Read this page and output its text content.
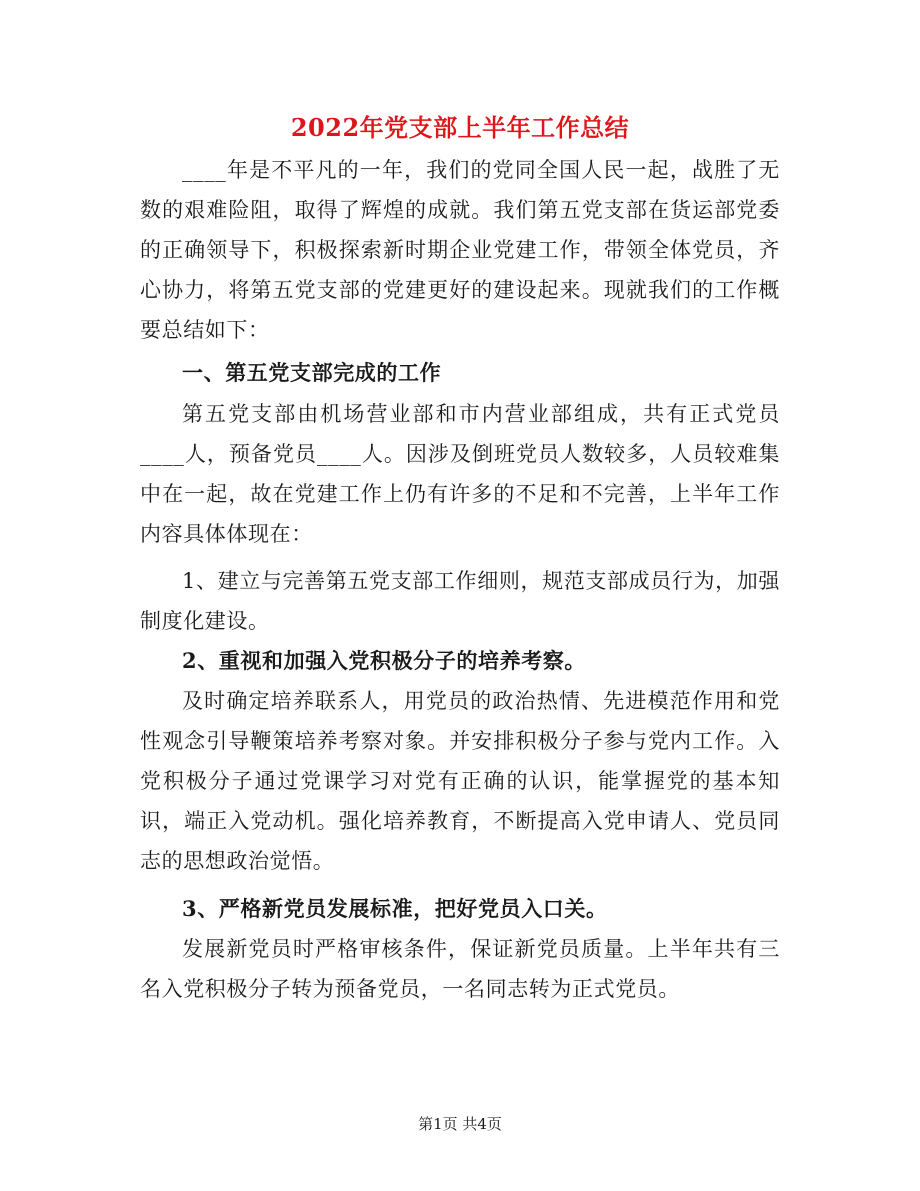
2022年党支部上半年工作总结

____年是不平凡的一年，我们的党同全国人民一起，战胜了无数的艰难险阻，取得了辉煌的成就。我们第五党支部在货运部党委的正确领导下，积极探索新时期企业党建工作，带领全体党员，齐心协力，将第五党支部的党建更好的建设起来。现就我们的工作概要总结如下：

一、第五党支部完成的工作

第五党支部由机场营业部和市内营业部组成，共有正式党员____人，预备党员____人。因涉及倒班党员人数较多，人员较难集中在一起，故在党建工作上仍有许多的不足和不完善，上半年工作内容具体体现在：

1、建立与完善第五党支部工作细则，规范支部成员行为，加强制度化建设。

2、重视和加强入党积极分子的培养考察。

及时确定培养联系人，用党员的政治热情、先进模范作用和党性观念引导鞭策培养考察对象。并安排积极分子参与党内工作。入党积极分子通过党课学习对党有正确的认识，能掌握党的基本知识，端正入党动机。强化培养教育，不断提高入党申请人、党员同志的思想政治觉悟。

3、严格新党员发展标准，把好党员入口关。

发展新党员时严格审核条件，保证新党员质量。上半年共有三名入党积极分子转为预备党员，一名同志转为正式党员。

第1页 共4页
